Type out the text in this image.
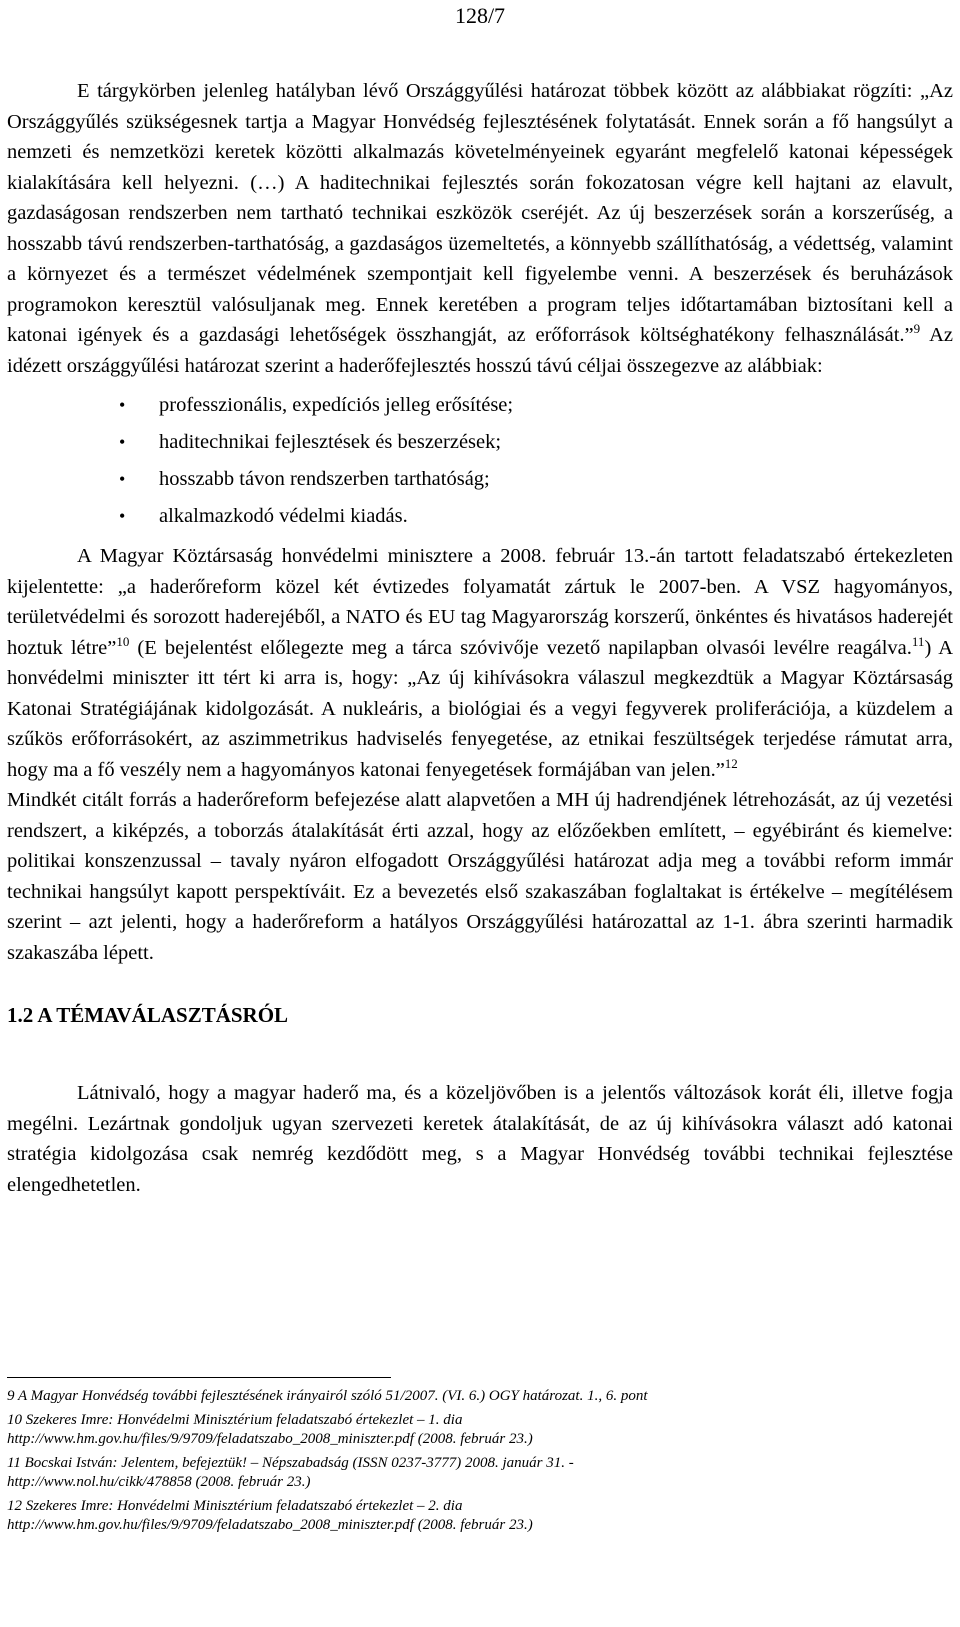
128/7

E tárgykörben jelenleg hatályban lévő Országgyűlési határozat többek között az alábbiakat rögzíti: „Az Országgyűlés szükségesnek tartja a Magyar Honvédség fejlesztésének folytatását. Ennek során a fő hangsúlyt a nemzeti és nemzetközi keretek közötti alkalmazás követelményeinek egyaránt megfelelő katonai képességek kialakítására kell helyezni. (…) A haditechnikai fejlesztés során fokozatosan végre kell hajtani az elavult, gazdaságosan rendszerben nem tartható technikai eszközök cseréjét. Az új beszerzések során a korszerűség, a hosszabb távú rendszerben-tarthatóság, a gazdaságos üzemeltetés, a könnyebb szállíthatóság, a védettség, valamint a környezet és a természet védelmének szempontjait kell figyelembe venni. A beszerzések és beruházások programokon keresztül valósuljanak meg. Ennek keretében a program teljes időtartamában biztosítani kell a katonai igények és a gazdasági lehetőségek összhangját, az erőforrások költséghatékony felhasználását.”$^9$ Az idézett országgyűlési határozat szerint a haderőfejlesztés hosszú távú céljai összegezve az alábbiak:

• professzionális, expedíciós jelleg erősítése;
• haditechnikai fejlesztések és beszerzések;
• hosszabb távon rendszerben tarthatóság;
• alkalmazkodó védelmi kiadás.

A Magyar Köztársaság honvédelmi minisztere a 2008. február 13.-án tartott feladatszabó értekezleten kijelentette: „a haderőreform közel két évtizedes folyamatát zártuk le 2007-ben. A VSZ hagyományos, területvédelmi és sorozott haderejéből, a NATO és EU tag Magyarország korszerű, önkéntes és hivatásos haderejét hoztuk létre”$^{10}$ (E bejelentést előlegezte meg a tárca szóvivője vezető napilapban olvasói levélre reagálva.$^{11}$) A honvédelmi miniszter itt tért ki arra is, hogy: „Az új kihívásokra válaszul megkezdtük a Magyar Köztársaság Katonai Stratégiájának kidolgozását. A nukleáris, a biológiai és a vegyi fegyverek proliferációja, a küzdelem a szűkös erőforrásokért, az aszimmetrikus hadviselés fenyegetése, az etnikai feszültségek terjedése rámutat arra, hogy ma a fő veszély nem a hagyományos katonai fenyegetések formájában van jelen.”$^{12}$

Mindkét citált forrás a haderőreform befejezése alatt alapvetően a MH új hadrendjének létrehozását, az új vezetési rendszert, a kiképzés, a toborzás átalakítását érti azzal, hogy az előzőekben említett, – egyébiránt és kiemelve: politikai konszenzussal – tavaly nyáron elfogadott Országgyűlési határozat adja meg a további reform immár technikai hangsúlyt kapott perspektíváit. Ez a bevezetés első szakaszában foglaltakat is értékelve – megítélésem szerint – azt jelenti, hogy a haderőreform a hatályos Országgyűlési határozattal az 1-1. ábra szerinti harmadik szakaszába lépett.

1.2 A TÉMAVÁLASZTÁSRÓL

Látnivaló, hogy a magyar haderő ma, és a közeljövőben is a jelentős változások korát éli, illetve fogja megélni. Lezártnak gondoljuk ugyan szervezeti keretek átalakítását, de az új kihívásokra választ adó katonai stratégia kidolgozása csak nemrég kezdődött meg, s a Magyar Honvédség további technikai fejlesztése elengedhetetlen.

9 A Magyar Honvédség további fejlesztésének irányairól szóló 51/2007. (VI. 6.) OGY határozat. 1., 6. pont
10 Szekeres Imre: Honvédelmi Minisztérium feladatszabó értekezlet – 1. dia
http://www.hm.gov.hu/files/9/9709/feladatszabo_2008_miniszter.pdf (2008. február 23.)
11 Bocskai István: Jelentem, befejeztük! – Népszabadság (ISSN 0237-3777) 2008. január 31. -
http://www.nol.hu/cikk/478858 (2008. február 23.)
12 Szekeres Imre: Honvédelmi Minisztérium feladatszabó értekezlet – 2. dia
http://www.hm.gov.hu/files/9/9709/feladatszabo_2008_miniszter.pdf (2008. február 23.)
